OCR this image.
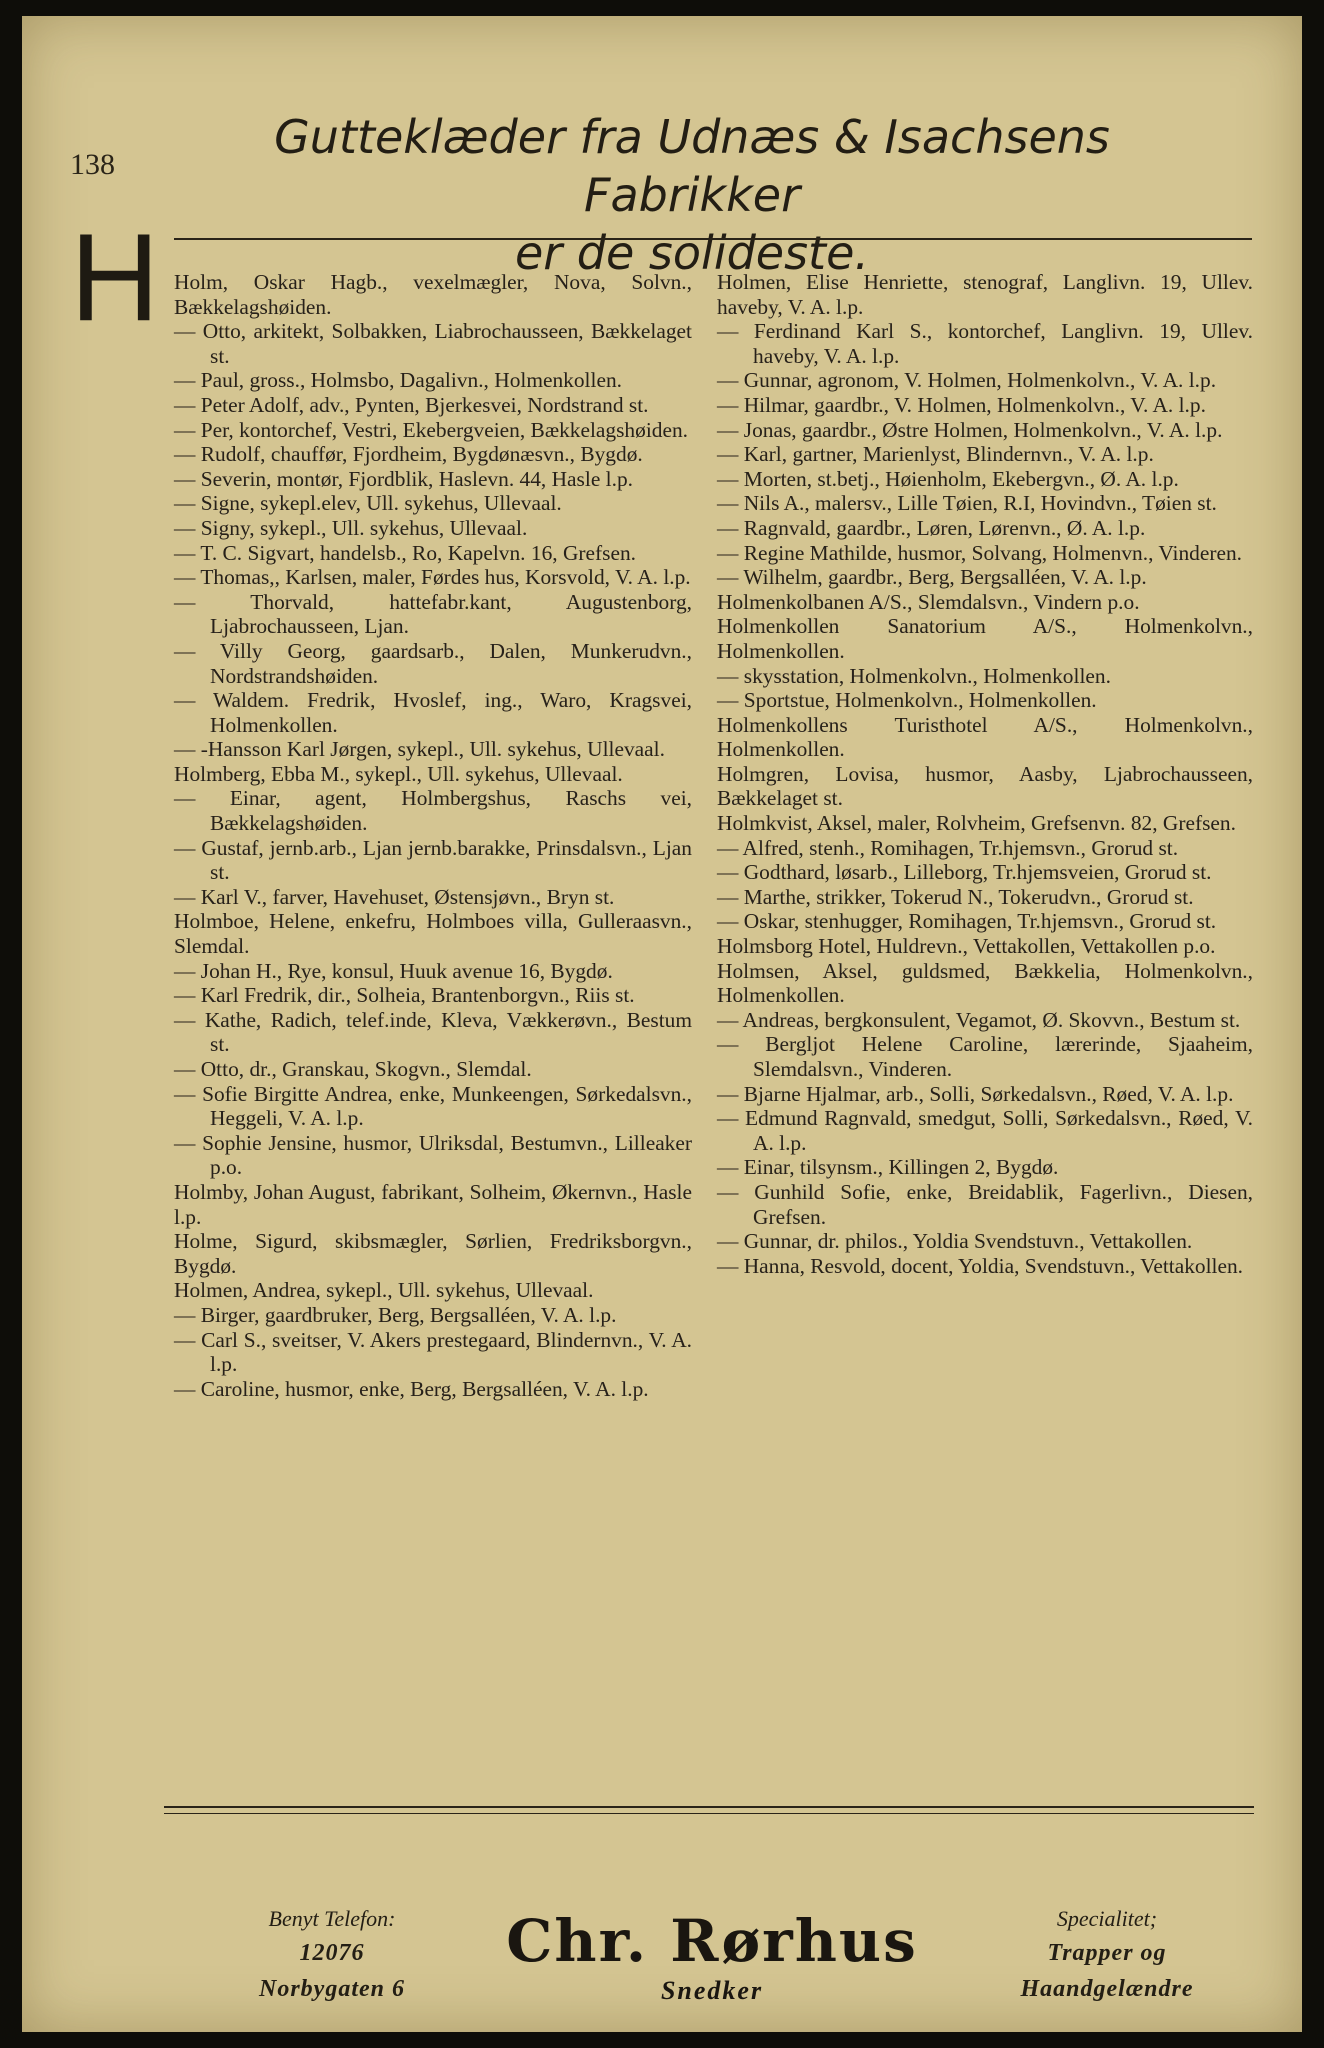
138
Gutteklæder fra Udnæs & Isachsens Fabrikker
er de solideste.
H Holm, Oskar Hagb., vexelmægler, Nova, Solvn., Bækkelagshøiden.
— Otto, arkitekt, Solbakken, Liabrochausseen, Bækkelaget st.
— Paul, gross., Holmsbo, Dagalivn., Holmenkollen.
— Peter Adolf, adv., Pynten, Bjerkesvei, Nordstrand st.
— Per, kontorchef, Vestri, Ekebergveien, Bækkelagshøiden.
— Rudolf, chauffør, Fjordheim, Bygdønæsvn., Bygdø.
— Severin, montør, Fjordblik, Haslevn. 44, Hasle l.p.
— Signe, sykepl.elev, Ull. sykehus, Ullevaal.
— Signy, sykepl., Ull. sykehus, Ullevaal.
— T. C. Sigvart, handelsb., Ro, Kapelvn. 16, Grefsen.
— Thomas,, Karlsen, maler, Førdes hus, Korsvold, V. A. l.p.
— Thorvald, hattefabr.kant, Augustenborg, Ljabrochausseen, Ljan.
— Villy Georg, gaardsarb., Dalen, Munkerudvn., Nordstrandshøiden.
— Waldem. Fredrik, Hvoslef, ing., Waro, Kragsvei, Holmenkollen.
— -Hansson Karl Jørgen, sykepl., Ull. sykehus, Ullevaal.
Holmberg, Ebba M., sykepl., Ull. sykehus, Ullevaal.
— Einar, agent, Holmbergshus, Raschs vei, Bækkelagshøiden.
— Gustaf, jernb.arb., Ljan jernb.barakke, Prinsdalsvn., Ljan st.
— Karl V., farver, Havehuset, Østensjøvn., Bryn st.
Holmboe, Helene, enkefru, Holmboes villa, Gulleraasvn., Slemdal.
— Johan H., Rye, konsul, Huuk avenue 16, Bygdø.
— Karl Fredrik, dir., Solheia, Brantenborgvn., Riis st.
— Kathe, Radich, telef.inde, Kleva, Vækkerøvn., Bestum st.
— Otto, dr., Granskau, Skogvn., Slemdal.
— Sofie Birgitte Andrea, enke, Munkeengen, Sørkedalsvn., Heggeli, V. A. l.p.
— Sophie Jensine, husmor, Ulriksdal, Bestumvn., Lilleaker p.o.
Holmby, Johan August, fabrikant, Solheim, Økernvn., Hasle l.p.
Holme, Sigurd, skibsmægler, Sørlien, Fredriksborgvn., Bygdø.
Holmen, Andrea, sykepl., Ull. sykehus, Ullevaal.
— Birger, gaardbruker, Berg, Bergsalléen, V. A. l.p.
— Carl S., sveitser, V. Akers prestegaard, Blindernvn., V. A. l.p.
— Caroline, husmor, enke, Berg, Bergsalléen, V. A. l.p.
Holmen, Elise Henriette, stenograf, Langlivn. 19, Ullev. haveby, V. A. l.p.
— Ferdinand Karl S., kontorchef, Langlivn. 19, Ullev. haveby, V. A. l.p.
— Gunnar, agronom, V. Holmen, Holmenkolvn., V. A. l.p.
— Hilmar, gaardbr., V. Holmen, Holmenkolvn., V. A. l.p.
— Jonas, gaardbr., Østre Holmen, Holmenkolvn., V. A. l.p.
— Karl, gartner, Marienlyst, Blindernvn., V. A. l.p.
— Morten, st.betj., Høienholm, Ekebergvn., Ø. A. l.p.
— Nils A., malersv., Lille Tøien, R.I, Hovindvn., Tøien st.
— Ragnvald, gaardbr., Løren, Lørenvn., Ø. A. l.p.
— Regine Mathilde, husmor, Solvang, Holmenvn., Vinderen.
— Wilhelm, gaardbr., Berg, Bergsalléen, V. A. l.p.
Holmenkolbanen A/S., Slemdalsvn., Vindern p.o.
Holmenkollen Sanatorium A/S., Holmenkolvn., Holmenkollen.
— skysstation, Holmenkolvn., Holmenkollen.
— Sportstue, Holmenkolvn., Holmenkollen.
Holmenkollens Turisthotel A/S., Holmenkolvn., Holmenkollen.
Holmgren, Lovisa, husmor, Aasby, Ljabrochausseen, Bækkelaget st.
Holmkvist, Aksel, maler, Rolvheim, Grefsenvn. 82, Grefsen.
— Alfred, stenh., Romihagen, Tr.hjemsvn., Grorud st.
— Godthard, løsarb., Lilleborg, Tr.hjemsveien, Grorud st.
— Marthe, strikker, Tokerud N., Tokerudvn., Grorud st.
— Oskar, stenhugger, Romihagen, Tr.hjemsvn., Grorud st.
Holmsborg Hotel, Huldrevn., Vettakollen, Vettakollen p.o.
Holmsen, Aksel, guldsmed, Bækkelia, Holmenkolvn., Holmenkollen.
— Andreas, bergkonsulent, Vegamot, Ø. Skovvn., Bestum st.
— Bergljot Helene Caroline, lærerinde, Sjaaheim, Slemdalsvn., Vinderen.
— Bjarne Hjalmar, arb., Solli, Sørkedalsvn., Røed, V. A. l.p.
— Edmund Ragnvald, smedgut, Solli, Sørkedalsvn., Røed, V. A. l.p.
— Einar, tilsynsm., Killingen 2, Bygdø.
— Gunhild Sofie, enke, Breidablik, Fagerlivn., Diesen, Grefsen.
— Gunnar, dr. philos., Yoldia Svendstuvn., Vettakollen.
— Hanna, Resvold, docent, Yoldia, Svendstuvn., Vettakollen.
Benyt Telefon:
12076
Norbygaten 6
Chr. Rørhus
Snedker
Specialitet;
Trapper og
Haandgelændre
